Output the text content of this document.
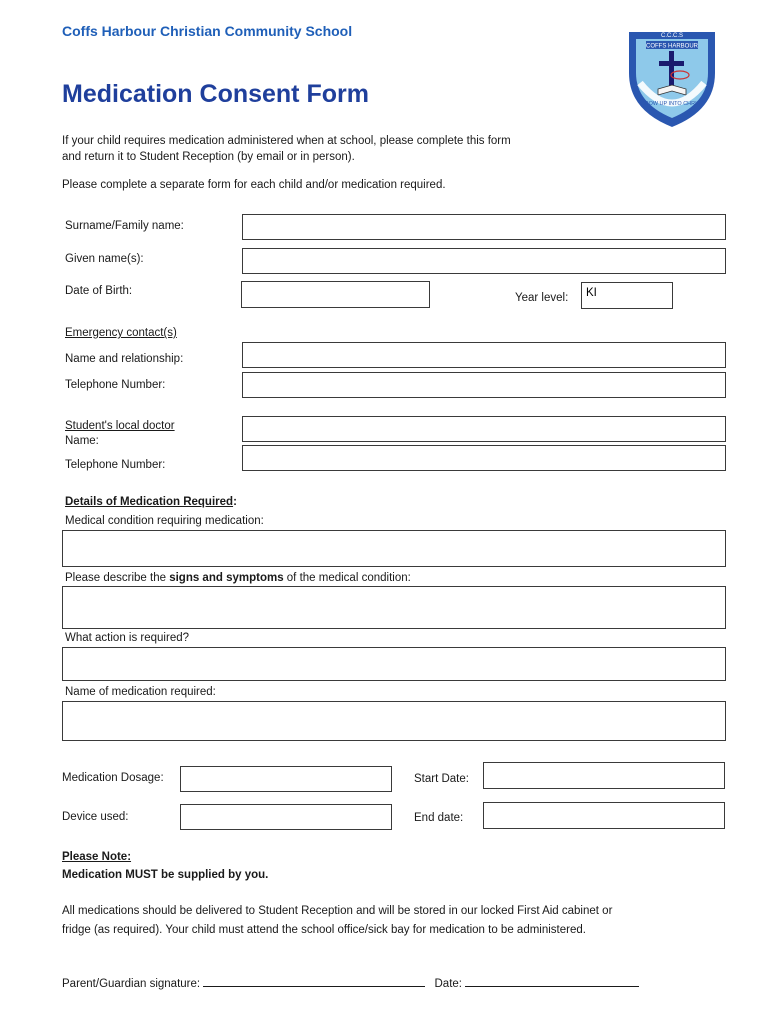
Coffs Harbour Christian Community School
Medication Consent Form
C.C.C.S
COFFS HARBOUR
GROW UP INTO CHRIST
If your child requires medication administered when at school, please complete this form
and return it to Student Reception (by email or in person).
Please complete a separate form for each child and/or medication required.
Surname/Family name:
Given name(s):
Date of Birth:
Year level:
KI
Emergency contact(s)
Name and relationship:
Telephone Number:
Student's local doctor
Name:
Telephone Number:
Details of Medication Required:
Medical condition requiring medication:
Please describe the signs and symptoms of the medical condition:
What action is required?
Name of medication required:
Medication Dosage:	Start Date:
Device used:	End date:
Please Note:
Medication MUST be supplied by you.
All medications should be delivered to Student Reception and will be stored in our locked First Aid cabinet or
fridge (as required). Your child must attend the school office/sick bay for medication to be administered.
Parent/Guardian signature:	Date:
